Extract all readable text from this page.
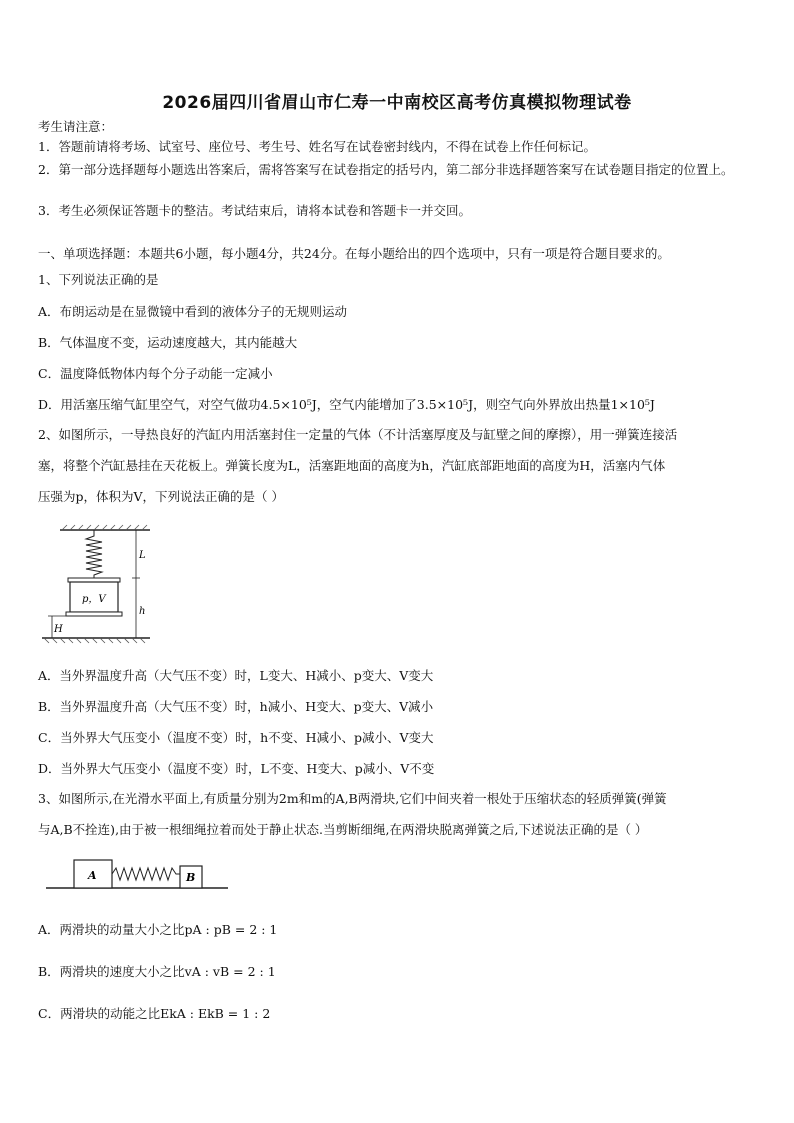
2026届四川省眉山市仁寿一中南校区高考仿真模拟物理试卷
考生请注意：
1．答题前请将考场、试室号、座位号、考生号、姓名写在试卷密封线内，不得在试卷上作任何标记。
2．第一部分选择题每小题选出答案后，需将答案写在试卷指定的括号内，第二部分非选择题答案写在试卷题目指定的位置上。
3．考生必须保证答题卡的整洁。考试结束后，请将本试卷和答题卡一并交回。
一、单项选择题：本题共6小题，每小题4分，共24分。在每小题给出的四个选项中，只有一项是符合题目要求的。
1、下列说法正确的是
A．布朗运动是在显微镜中看到的液体分子的无规则运动
B．气体温度不变，运动速度越大，其内能越大
C．温度降低物体内每个分子动能一定减小
D．用活塞压缩气缸里空气，对空气做功4.5×10⁵J，空气内能增加了3.5×10⁵J，则空气向外界放出热量1×10⁵J
2、如图所示，一导热良好的汽缸内用活塞封住一定量的气体（不计活塞厚度及与缸壁之间的摩擦），用一弹簧连接活
塞，将整个汽缸悬挂在天花板上。弹簧长度为L，活塞距地面的高度为h，汽缸底部距地面的高度为H，活塞内气体
压强为p，体积为V，下列说法正确的是（ ）
p，V
L
h
H
A．当外界温度升高（大气压不变）时，L变大、H减小、p变大、V变大
B．当外界温度升高（大气压不变）时，h减小、H变大、p变大、V减小
C．当外界大气压变小（温度不变）时，h不变、H减小、p减小、V变大
D．当外界大气压变小（温度不变）时，L不变、H变大、p减小、V不变
3、如图所示,在光滑水平面上,有质量分别为2m和m的A,B两滑块,它们中间夹着一根处于压缩状态的轻质弹簧(弹簧
与A,B不拴连),由于被一根细绳拉着而处于静止状态.当剪断细绳,在两滑块脱离弹簧之后,下述说法正确的是（ ）
A	B
A．两滑块的动量大小之比pA : pB = 2 : 1
B．两滑块的速度大小之比vA : vB = 2 : 1
C．两滑块的动能之比EkA : EkB = 1 : 2
